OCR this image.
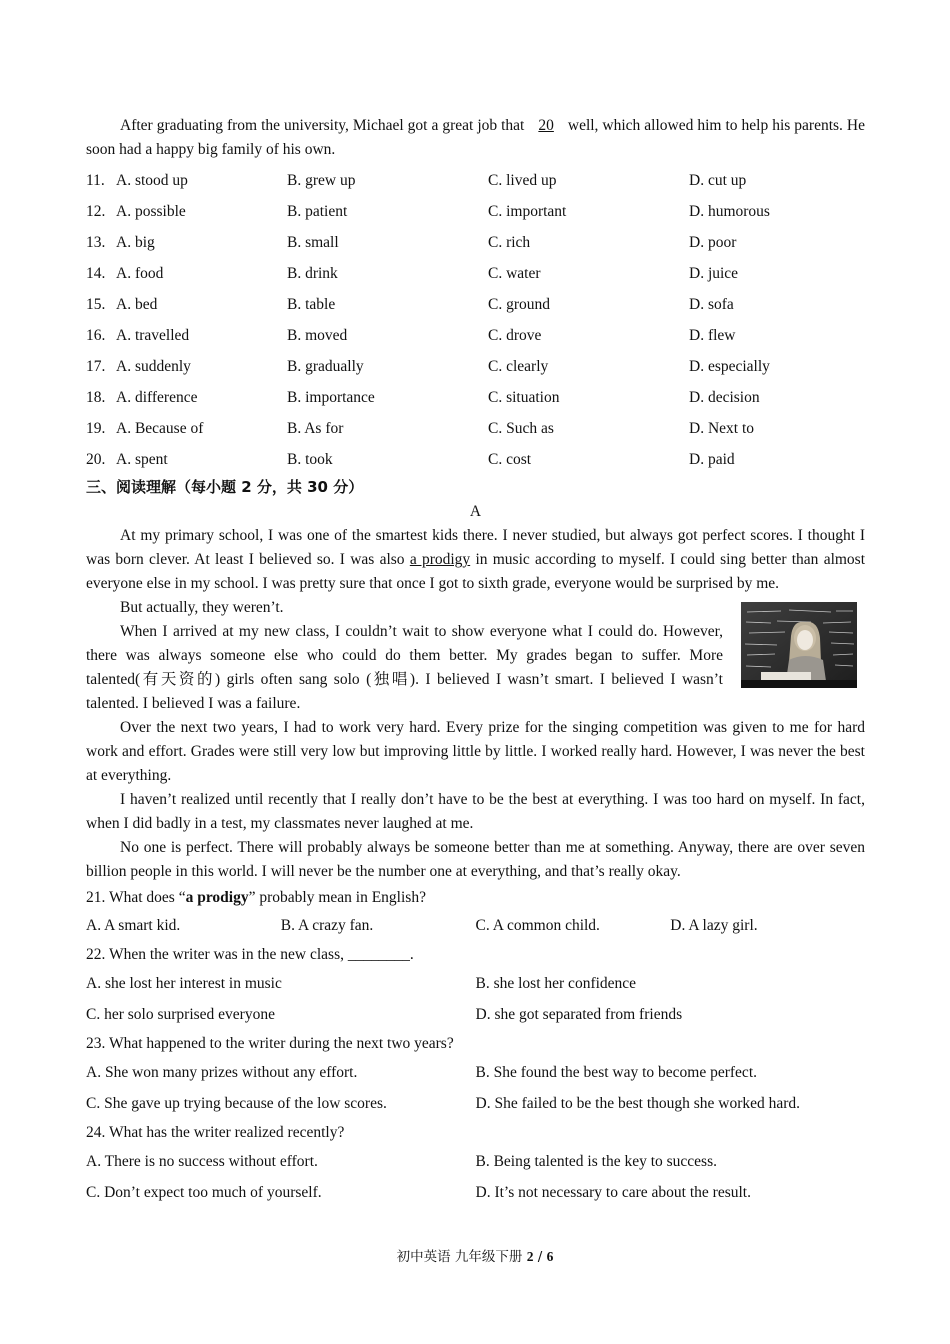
After graduating from the university, Michael got a great job that 20 well, which allowed him to help his parents. He soon had a happy big family of his own.

11. A. stood up	B. grew up	C. lived up	D. cut up
12. A. possible	B. patient	C. important	D. humorous
13. A. big	B. small	C. rich	D. poor
14. A. food	B. drink	C. water	D. juice
15. A. bed	B. table	C. ground	D. sofa
16. A. travelled	B. moved	C. drove	D. flew
17. A. suddenly	B. gradually	C. clearly	D. especially
18. A. difference	B. importance	C. situation	D. decision
19. A. Because of	B. As for	C. Such as	D. Next to
20. A. spent	B. took	C. cost	D. paid
三、阅读理解（每小题 2 分，共 30 分）
A

At my primary school, I was one of the smartest kids there. I never studied, but always got perfect scores. I thought I was born clever. At least I believed so. I was also a prodigy in music according to myself. I could sing better than almost everyone else in my school. I was pretty sure that once I got to sixth grade, everyone would be surprised by me.

But actually, they weren’t.

When I arrived at my new class, I couldn’t wait to show everyone what I could do. However, there was always someone else who could do them better. My grades began to suffer. More talented(有天资的) girls often sang solo (独唱). I believed I wasn’t smart. I believed I wasn’t talented. I believed I was a failure.

Over the next two years, I had to work very hard. Every prize for the singing competition was given to me for hard work and effort. Grades were still very low but improving little by little. I worked really hard. However, I was never the best at everything.

I haven’t realized until recently that I really don’t have to be the best at everything. I was too hard on myself. In fact, when I did badly in a test, my classmates never laughed at me.

No one is perfect. There will probably always be someone better than me at something. Anyway, there are over seven billion people in this world. I will never be the number one at everything, and that’s really okay.

21. What does “a prodigy” probably mean in English?
A. A smart kid.	B. A crazy fan.	C. A common child.	D. A lazy girl.
22. When the writer was in the new class, ________.
A. she lost her interest in music	B. she lost her confidence
C. her solo surprised everyone	D. she got separated from friends
23. What happened to the writer during the next two years?
A. She won many prizes without any effort.	B. She found the best way to become perfect.
C. She gave up trying because of the low scores.	D. She failed to be the best though she worked hard.
24. What has the writer realized recently?
A. There is no success without effort.	B. Being talented is the key to success.
C. Don’t expect too much of yourself.	D. It’s not necessary to care about the result.
初中英语 九年级下册 2 / 6
